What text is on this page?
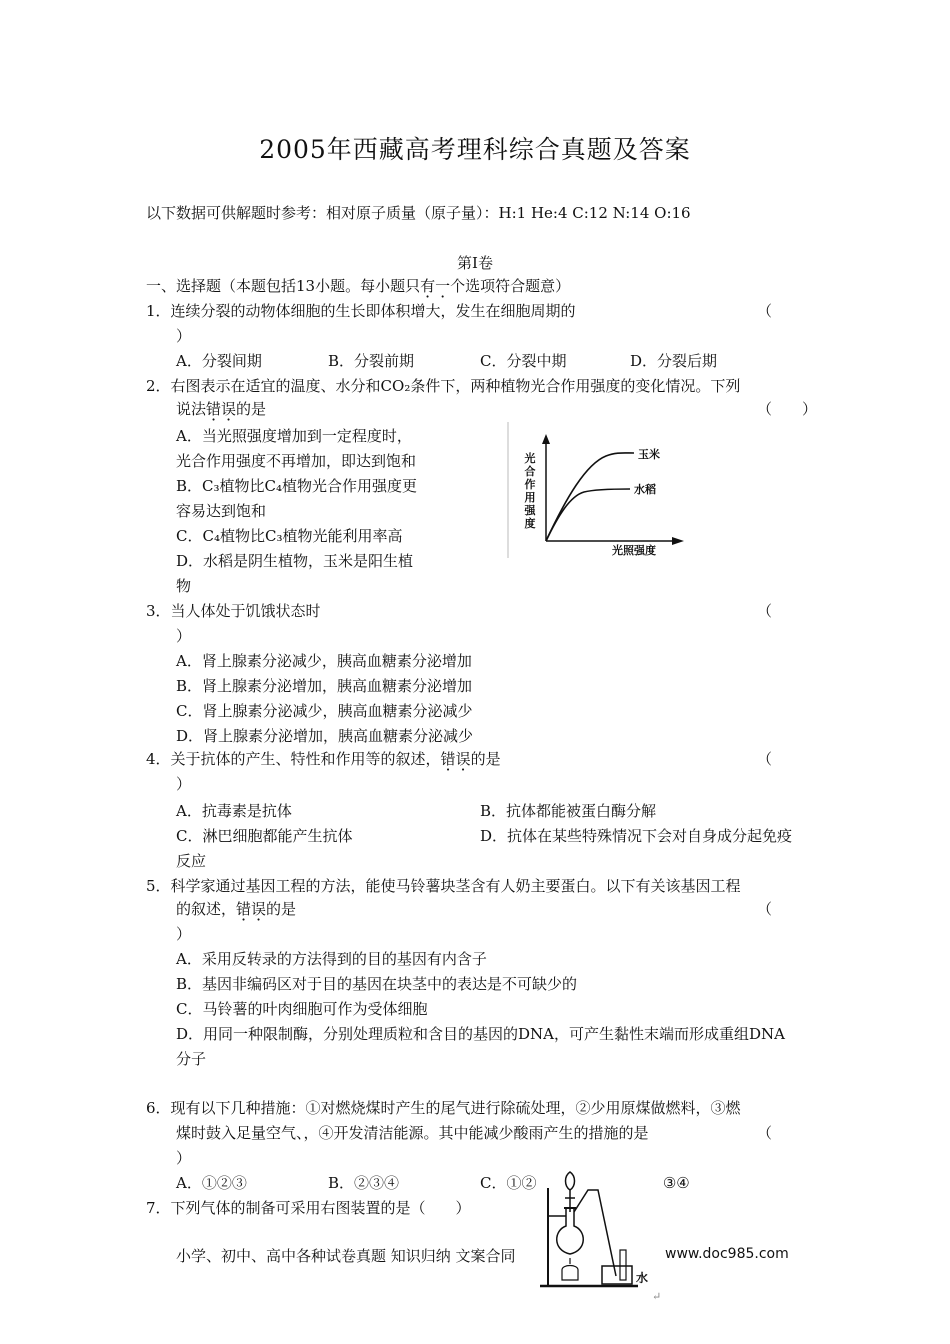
2005年西藏高考理科综合真题及答案
以下数据可供解题时参考：相对原子质量（原子量）：H:1 He:4 C:12 N:14 O:16
第Ⅰ卷
一、选择题（本题包括13小题。每小题只有一个选项符合题意）
1．连续分裂的动物体细胞的生长即体积增大，发生在细胞周期的	（
）
A．分裂间期	B．分裂前期	C．分裂中期	D．分裂后期
2．右图表示在适宜的温度、水分和CO₂条件下，两种植物光合作用强度的变化情况。下列
说法错误的是	（　　）
A．当光照强度增加到一定程度时，
光合作用强度不再增加，即达到饱和
B．C₃植物比C₄植物光合作用强度更
容易达到饱和
C．C₄植物比C₃植物光能利用率高
D．水稻是阴生植物，玉米是阳生植
物
玉米
水稻
光
合
作
用
强
度
光照强度
3．当人体处于饥饿状态时	（
）
A．肾上腺素分泌减少，胰高血糖素分泌增加
B．肾上腺素分泌增加，胰高血糖素分泌增加
C．肾上腺素分泌减少，胰高血糖素分泌减少
D．肾上腺素分泌增加，胰高血糖素分泌减少
4．关于抗体的产生、特性和作用等的叙述，错误的是	（
）
A．抗毒素是抗体	B．抗体都能被蛋白酶分解
C．淋巴细胞都能产生抗体	D．抗体在某些特殊情况下会对自身成分起免疫
反应
5．科学家通过基因工程的方法，能使马铃薯块茎含有人奶主要蛋白。以下有关该基因工程
的叙述，错误的是	（
）
A．采用反转录的方法得到的目的基因有内含子
B．基因非编码区对于目的基因在块茎中的表达是不可缺少的
C．马铃薯的叶肉细胞可作为受体细胞
D．用同一种限制酶，分别处理质粒和含目的基因的DNA，可产生黏性末端而形成重组DNA
分子
6．现有以下几种措施：①对燃烧煤时产生的尾气进行除硫处理，②少用原煤做燃料，③燃
煤时鼓入足量空气、，④开发清洁能源。其中能减少酸雨产生的措施的是	（
）
A．①②③	B．②③④	C．①②	)③④
7．下列气体的制备可采用右图装置的是（　　）
小学、初中、高中各种试卷真题 知识归纳 文案合同	www.doc985.com
↵
水
